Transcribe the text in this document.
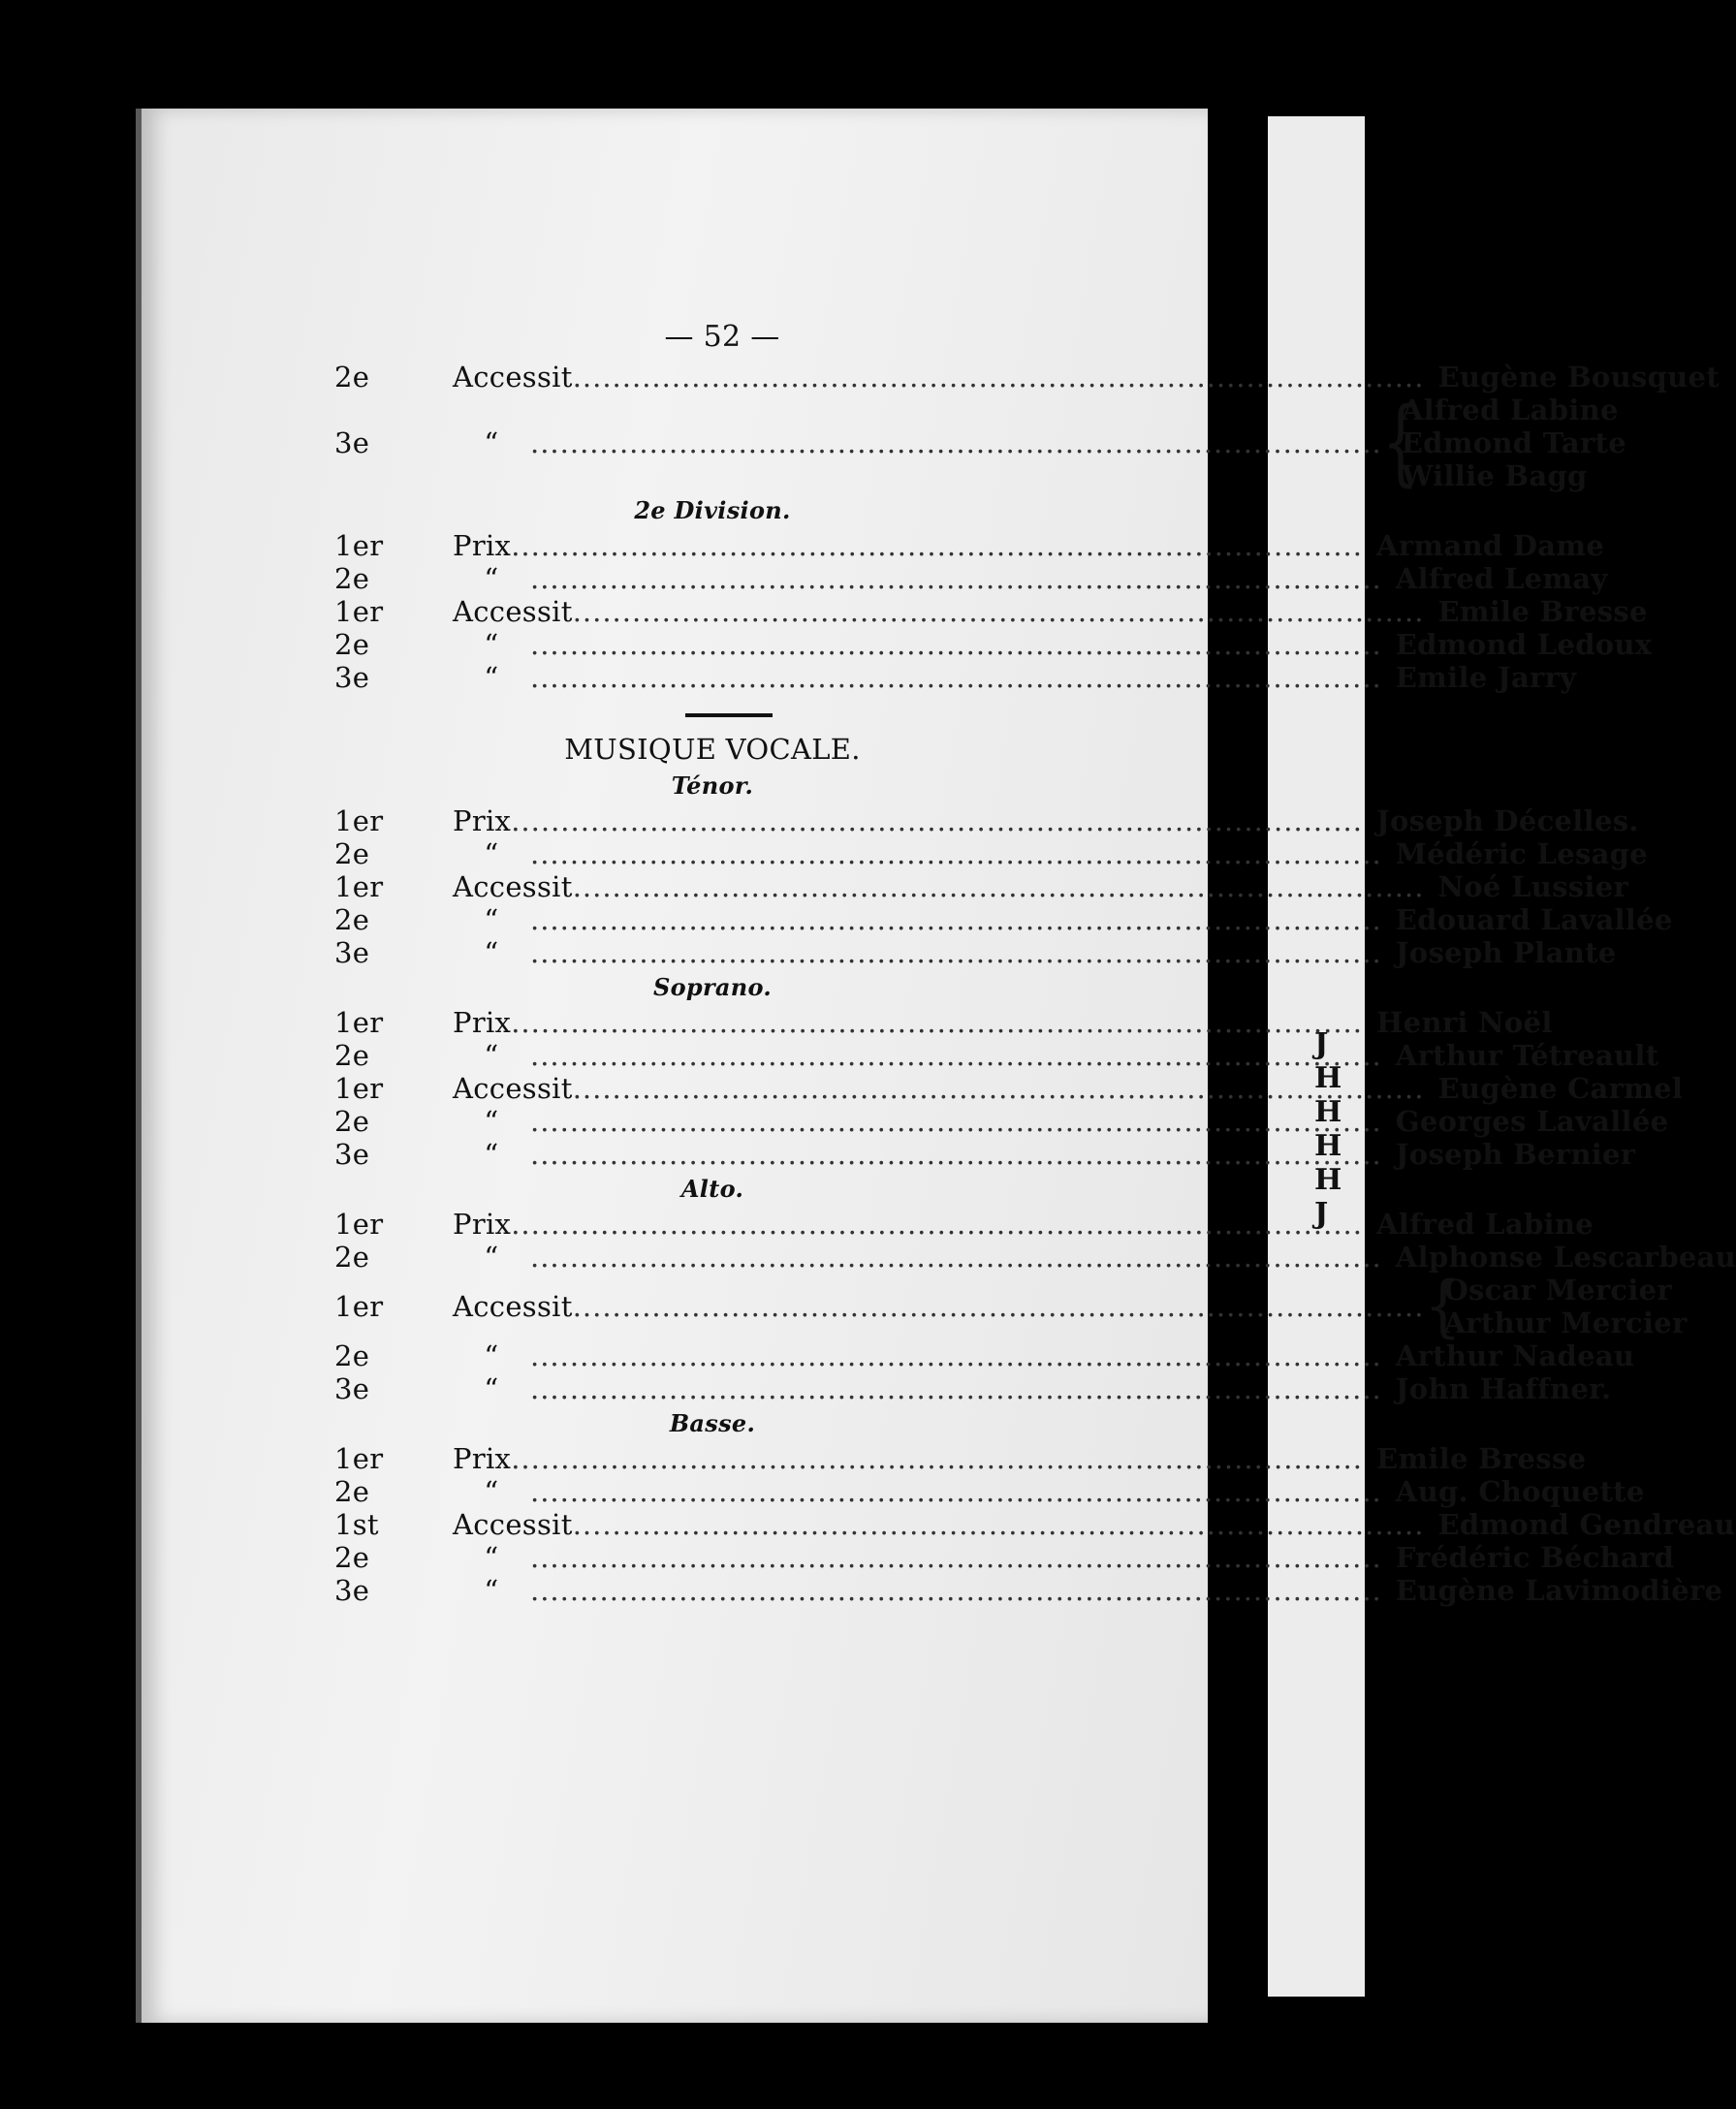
J
H
H
H
H
J
— 52 —
2e	Accessit .....	Eugène Bousquet
3e	“ .....	{
Alfred Labine
Edmond Tarte
Willie Bagg
2e Division.
1er	Prix .....	Armand Dame
2e	“ .....	Alfred Lemay
1er	Accessit .....	Emile Bresse
2e	“ .....	Edmond Ledoux
3e	“ .....	Emile Jarry
MUSIQUE VOCALE.
Ténor.
1er	Prix .....	Joseph Décelles.
2e	“ .....	Médéric Lesage
1er	Accessit .....	Noé Lussier
2e	“ .....	Edouard Lavallée
3e	“ .....	Joseph Plante
Soprano.
1er	Prix .....	Henri Noël
2e	“ .....	Arthur Tétreault
1er	Accessit .....	Eugène Carmel
2e	“ .....	Georges Lavallée
3e	“ .....	Joseph Bernier
Alto.
1er	Prix .....	Alfred Labine
2e	“ .....	Alphonse Lescarbeau
1er	Accessit .....	{
Oscar Mercier
Arthur Mercier
2e	“ .....	Arthur Nadeau
3e	“ .....	John Haffner.
Basse.
1er	Prix .....	Emile Bresse
2e	“ .....	Aug. Choquette
1st	Accessit .....	Edmond Gendreau
2e	“ .....	Frédéric Béchard
3e	“ .....	Eugène Lavimodière
